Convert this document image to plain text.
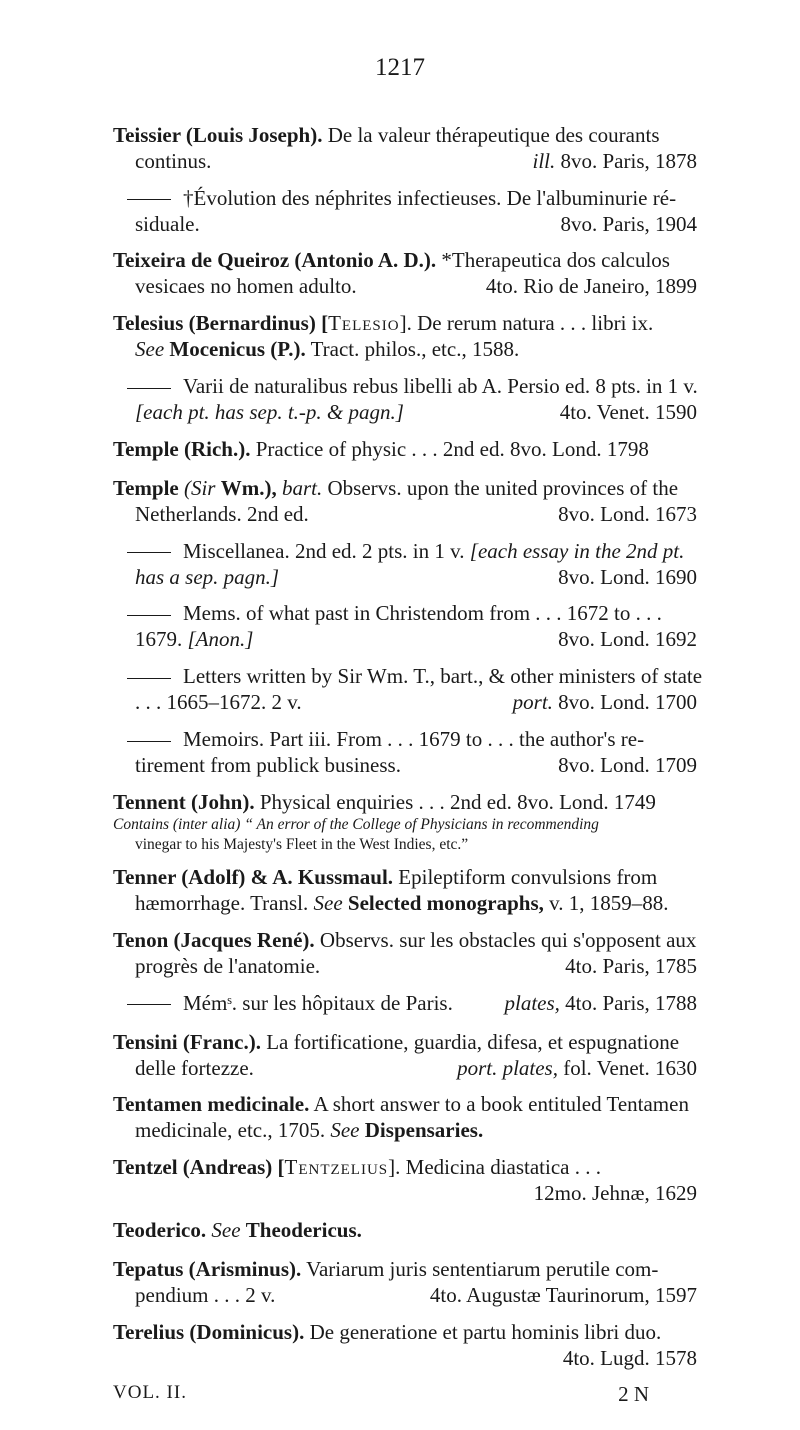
1217
Teissier (Louis Joseph). De la valeur thérapeutique des courants
continus.	ill. 8vo. Paris, 1878
†Évolution des néphrites infectieuses. De l'albuminurie ré-
siduale.	8vo. Paris, 1904
Teixeira de Queiroz (Antonio A. D.). *Therapeutica dos calculos
vesicaes no homen adulto.	4to. Rio de Janeiro, 1899
Telesius (Bernardinus) [Telesio]. De rerum natura . . . libri ix.
See Mocenicus (P.). Tract. philos., etc., 1588.
Varii de naturalibus rebus libelli ab A. Persio ed. 8 pts. in 1 v.
[each pt. has sep. t.-p. & pagn.]	4to. Venet. 1590
Temple (Rich.). Practice of physic . . . 2nd ed. 8vo. Lond. 1798
Temple (Sir Wm.), bart. Observs. upon the united provinces of the
Netherlands. 2nd ed.	8vo. Lond. 1673
Miscellanea. 2nd ed. 2 pts. in 1 v. [each essay in the 2nd pt.
has a sep. pagn.]	8vo. Lond. 1690
Mems. of what past in Christendom from . . . 1672 to . . .
1679. [Anon.]	8vo. Lond. 1692
Letters written by Sir Wm. T., bart., & other ministers of state
. . . 1665–1672. 2 v.	port. 8vo. Lond. 1700
Memoirs. Part iii. From . . . 1679 to . . . the author's re-
tirement from publick business.	8vo. Lond. 1709
Tennent (John). Physical enquiries . . . 2nd ed. 8vo. Lond. 1749
Contains (inter alia) “ An error of the College of Physicians in recommending
vinegar to his Majesty's Fleet in the West Indies, etc.”
Tenner (Adolf) & A. Kussmaul. Epileptiform convulsions from
hæmorrhage. Transl. See Selected monographs, v. 1, 1859–88.
Tenon (Jacques René). Observs. sur les obstacles qui s'opposent aux
progrès de l'anatomie.	4to. Paris, 1785
Mémˢ. sur les hôpitaux de Paris. plates, 4to. Paris, 1788
Tensini (Franc.). La fortificatione, guardia, difesa, et espugnatione
delle fortezze.	port. plates, fol. Venet. 1630
Tentamen medicinale. A short answer to a book entituled Tentamen
medicinale, etc., 1705. See Dispensaries.
Tentzel (Andreas) [Tentzelius]. Medicina diastatica . . .
12mo. Jehnæ, 1629
Teoderico. See Theodericus.
Tepatus (Arisminus). Variarum juris sententiarum perutile com-
pendium . . . 2 v.	4to. Augustæ Taurinorum, 1597
Terelius (Dominicus). De generatione et partu hominis libri duo.
4to. Lugd. 1578
VOL. II.	2 N
